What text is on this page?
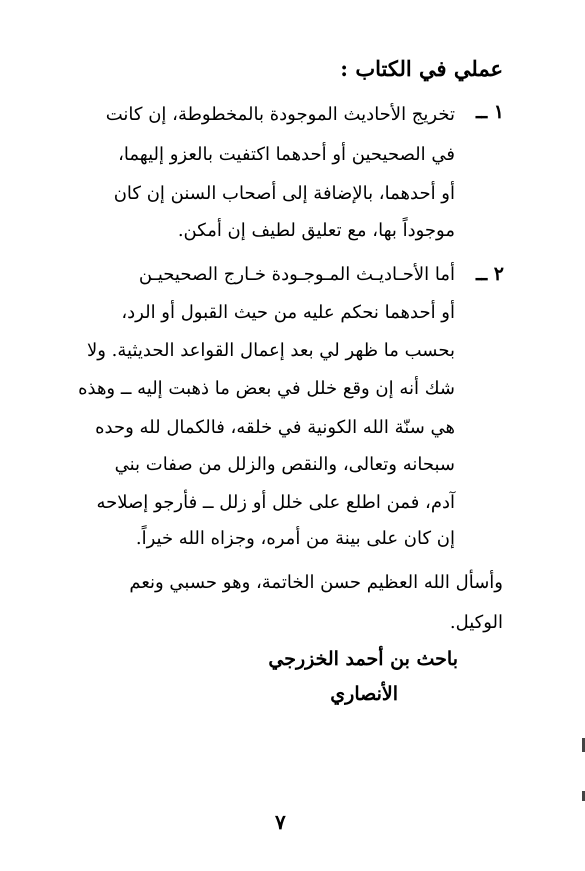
عملي في الكتاب :
١ ــ
تخريج الأحاديث الموجودة بالمخطوطة، إن كانت
في الصحيحين أو أحدهما اكتفيت بالعزو إليهما،
أو أحدهما، بالإضافة إلى أصحاب السنن إن كان
موجوداً بها، مع تعليق لطيف إن أمكن.
٢ ــ
أما الأحـاديـث المـوجـودة خـارج الصحيحيـن
أو أحدهما نحكم عليه من حيث القبول أو الرد،
بحسب ما ظهر لي بعد إعمال القواعد الحديثية. ولا
شك أنه إن وقع خلل في بعض ما ذهبت إليه ــ وهذه
هي سنّة الله الكونية في خلقه، فالكمال لله وحده
سبحانه وتعالى، والنقص والزلل من صفات بني
آدم، فمن اطلع على خلل أو زلل ــ فأرجو إصلاحه
إن كان على بينة من أمره، وجزاه الله خيراً.
وأسأل الله العظيم حسن الخاتمة، وهو حسبي ونعم
الوكيل.
باحث بن أحمد الخزرجي
الأنصاري
٧
